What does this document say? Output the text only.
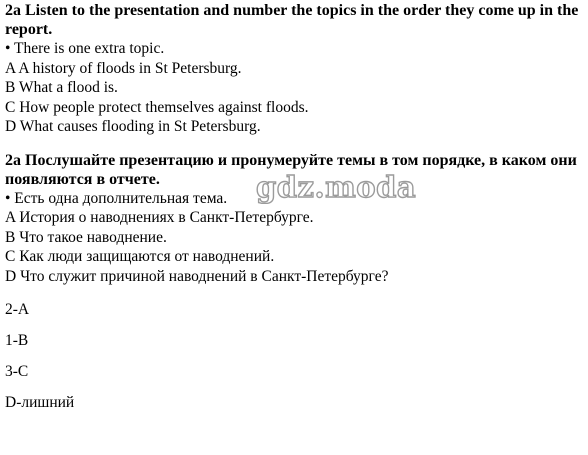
2a Listen to the presentation and number the topics in the order they come up in the report.

• There is one extra topic.

A A history of floods in St Petersburg.

B What a flood is.

C How people protect themselves against floods.

D What causes flooding in St Petersburg.

2a Послушайте презентацию и пронумеруйте темы в том порядке, в каком они появляются в отчете.

• Есть одна дополнительная тема.

A История о наводнениях в Санкт-Петербурге.

B Что такое наводнение.

C Как люди защищаются от наводнений.

D Что служит причиной наводнений в Санкт-Петербурге?

2-A

1-B

3-C

D-лишний

gdz.moda
